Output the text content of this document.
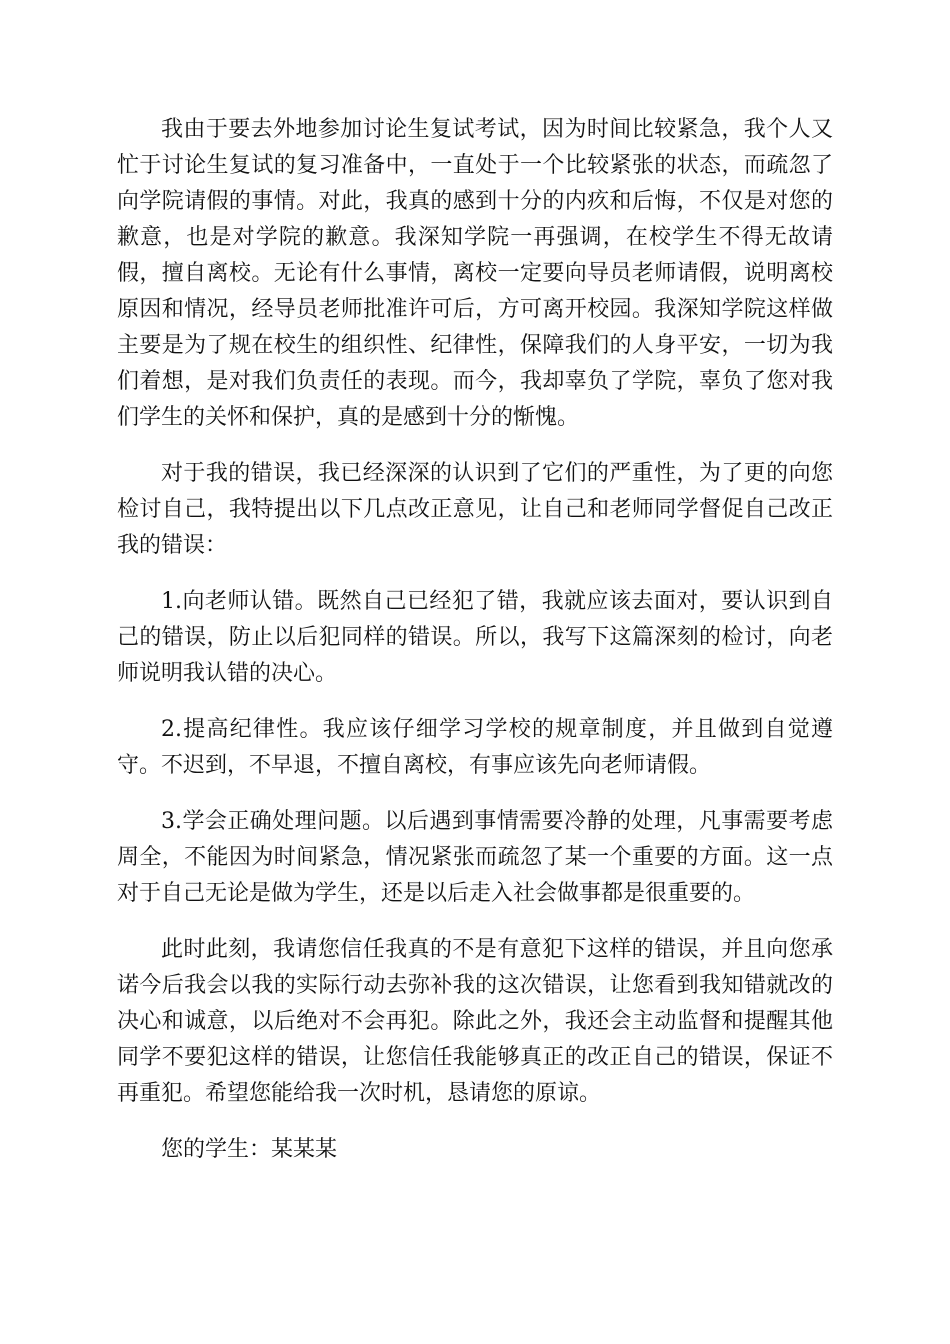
我由于要去外地参加讨论生复试考试，因为时间比较紧急，我个人又忙于讨论生复试的复习准备中，一直处于一个比较紧张的状态，而疏忽了向学院请假的事情。对此，我真的感到十分的内疚和后悔，不仅是对您的歉意，也是对学院的歉意。我深知学院一再强调，在校学生不得无故请假，擅自离校。无论有什么事情，离校一定要向导员老师请假，说明离校原因和情况，经导员老师批准许可后，方可离开校园。我深知学院这样做主要是为了规在校生的组织性、纪律性，保障我们的人身平安，一切为我们着想，是对我们负责任的表现。而今，我却辜负了学院，辜负了您对我们学生的关怀和保护，真的是感到十分的惭愧。

对于我的错误，我已经深深的认识到了它们的严重性，为了更的向您检讨自己，我特提出以下几点改正意见，让自己和老师同学督促自己改正我的错误：

1.向老师认错。既然自己已经犯了错，我就应该去面对，要认识到自己的错误，防止以后犯同样的错误。所以，我写下这篇深刻的检讨，向老师说明我认错的决心。

2.提高纪律性。我应该仔细学习学校的规章制度，并且做到自觉遵守。不迟到，不早退，不擅自离校，有事应该先向老师请假。

3.学会正确处理问题。以后遇到事情需要冷静的处理，凡事需要考虑周全，不能因为时间紧急，情况紧张而疏忽了某一个重要的方面。这一点对于自己无论是做为学生，还是以后走入社会做事都是很重要的。

此时此刻，我请您信任我真的不是有意犯下这样的错误，并且向您承诺今后我会以我的实际行动去弥补我的这次错误，让您看到我知错就改的决心和诚意，以后绝对不会再犯。除此之外，我还会主动监督和提醒其他同学不要犯这样的错误，让您信任我能够真正的改正自己的错误，保证不再重犯。希望您能给我一次时机，恳请您的原谅。

您的学生：某某某
